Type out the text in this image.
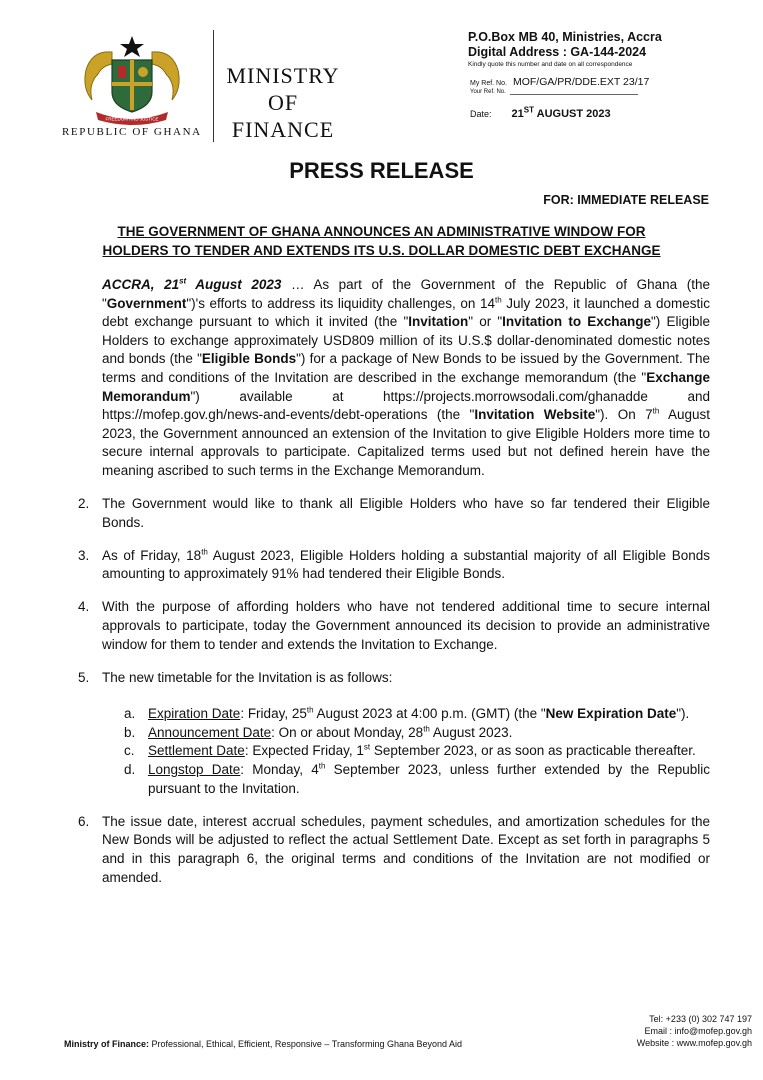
FREEDOM AND JUSTICE
REPUBLIC OF GHANA
MINISTRY
OF
FINANCE
P.O.Box MB 40, Ministries, Accra
Digital Address : GA-144-2024
Kindly quote this number and date on all correspondence
My Ref. No. MOF/GA/PR/DDE.EXT 23/17
Your Ref. No.
Date: 21ST AUGUST 2023
PRESS RELEASE
FOR: IMMEDIATE RELEASE
THE GOVERNMENT OF GHANA ANNOUNCES AN ADMINISTRATIVE WINDOW FOR
HOLDERS TO TENDER AND EXTENDS ITS U.S. DOLLAR DOMESTIC DEBT EXCHANGE

ACCRA, 21st August 2023 … As part of the Government of the Republic of Ghana (the "Government")'s efforts to address its liquidity challenges, on 14th July 2023, it launched a domestic debt exchange pursuant to which it invited (the "Invitation" or "Invitation to Exchange") Eligible Holders to exchange approximately USD809 million of its U.S.$ dollar-denominated domestic notes and bonds (the "Eligible Bonds") for a package of New Bonds to be issued by the Government. The terms and conditions of the Invitation are described in the exchange memorandum (the "Exchange Memorandum") available at https://projects.morrowsodali.com/ghanadde and https://mofep.gov.gh/news-and-events/debt-operations (the "Invitation Website"). On 7th August 2023, the Government announced an extension of the Invitation to give Eligible Holders more time to secure internal approvals to participate. Capitalized terms used but not defined herein have the meaning ascribed to such terms in the Exchange Memorandum.

2. The Government would like to thank all Eligible Holders who have so far tendered their Eligible Bonds.

3. As of Friday, 18th August 2023, Eligible Holders holding a substantial majority of all Eligible Bonds amounting to approximately 91% had tendered their Eligible Bonds.

4. With the purpose of affording holders who have not tendered additional time to secure internal approvals to participate, today the Government announced its decision to provide an administrative window for them to tender and extends the Invitation to Exchange.

5. The new timetable for the Invitation is as follows:

a. Expiration Date: Friday, 25th August 2023 at 4:00 p.m. (GMT) (the "New Expiration Date").
b. Announcement Date: On or about Monday, 28th August 2023.
c. Settlement Date: Expected Friday, 1st September 2023, or as soon as practicable thereafter.
d. Longstop Date: Monday, 4th September 2023, unless further extended by the Republic pursuant to the Invitation.

6. The issue date, interest accrual schedules, payment schedules, and amortization schedules for the New Bonds will be adjusted to reflect the actual Settlement Date. Except as set forth in paragraphs 5 and in this paragraph 6, the original terms and conditions of the Invitation are not modified or amended.

Ministry of Finance: Professional, Ethical, Efficient, Responsive – Transforming Ghana Beyond Aid
Tel: +233 (0) 302 747 197
Email : info@mofep.gov.gh
Website : www.mofep.gov.gh
